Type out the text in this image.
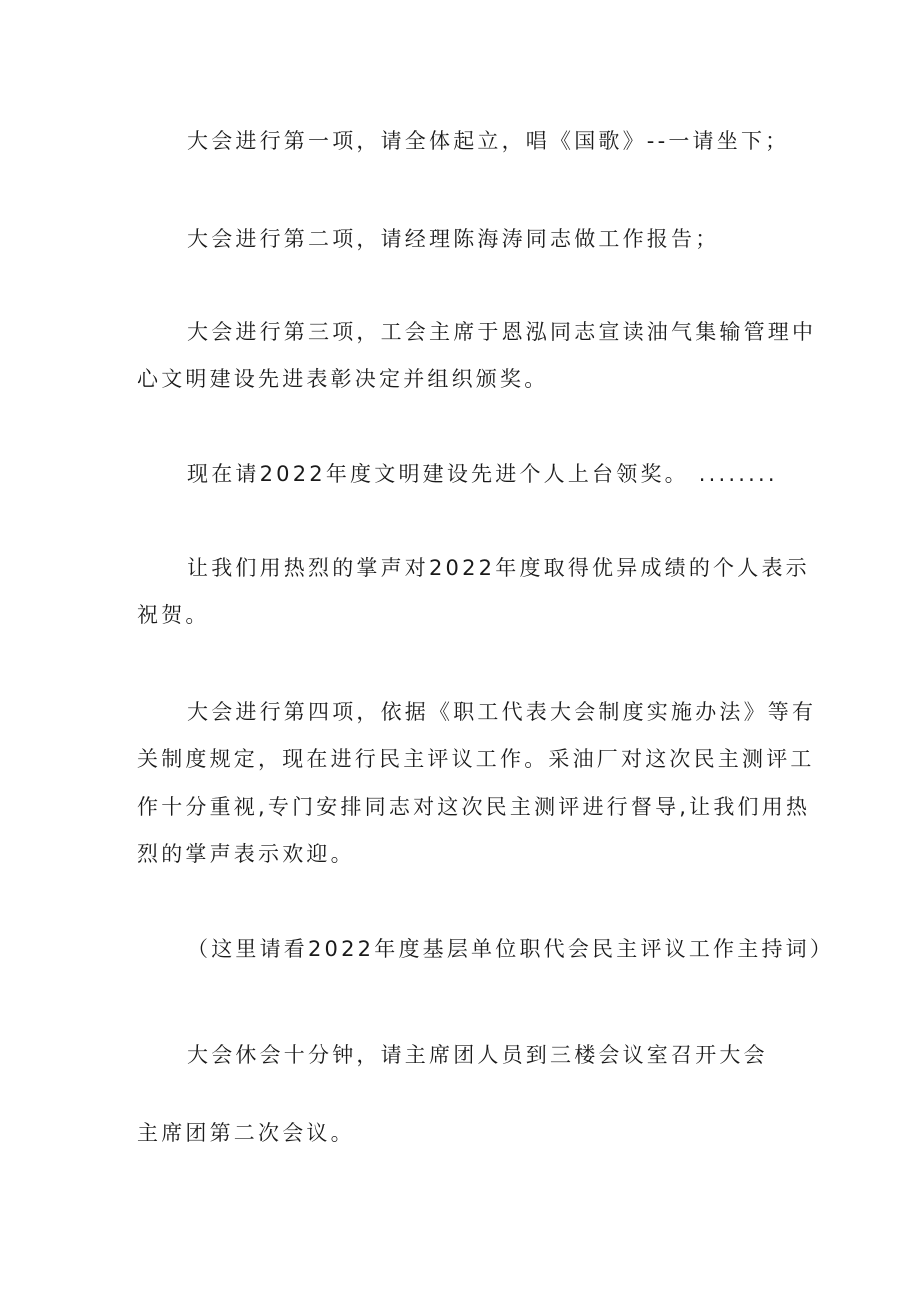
大会进行第一项，请全体起立，唱《国歌》--一请坐下；
大会进行第二项，请经理陈海涛同志做工作报告；
大会进行第三项，工会主席于恩泓同志宣读油气集输管理中
心文明建设先进表彰决定并组织颁奖。
现在请2022年度文明建设先进个人上台领奖。 ........
让我们用热烈的掌声对2022年度取得优异成绩的个人表示
祝贺。
大会进行第四项，依据《职工代表大会制度实施办法》等有
关制度规定，现在进行民主评议工作。采油厂对这次民主测评工
作十分重视,专门安排同志对这次民主测评进行督导,让我们用热
烈的掌声表示欢迎。
（这里请看2022年度基层单位职代会民主评议工作主持词）
大会休会十分钟，请主席团人员到三楼会议室召开大会
主席团第二次会议。
